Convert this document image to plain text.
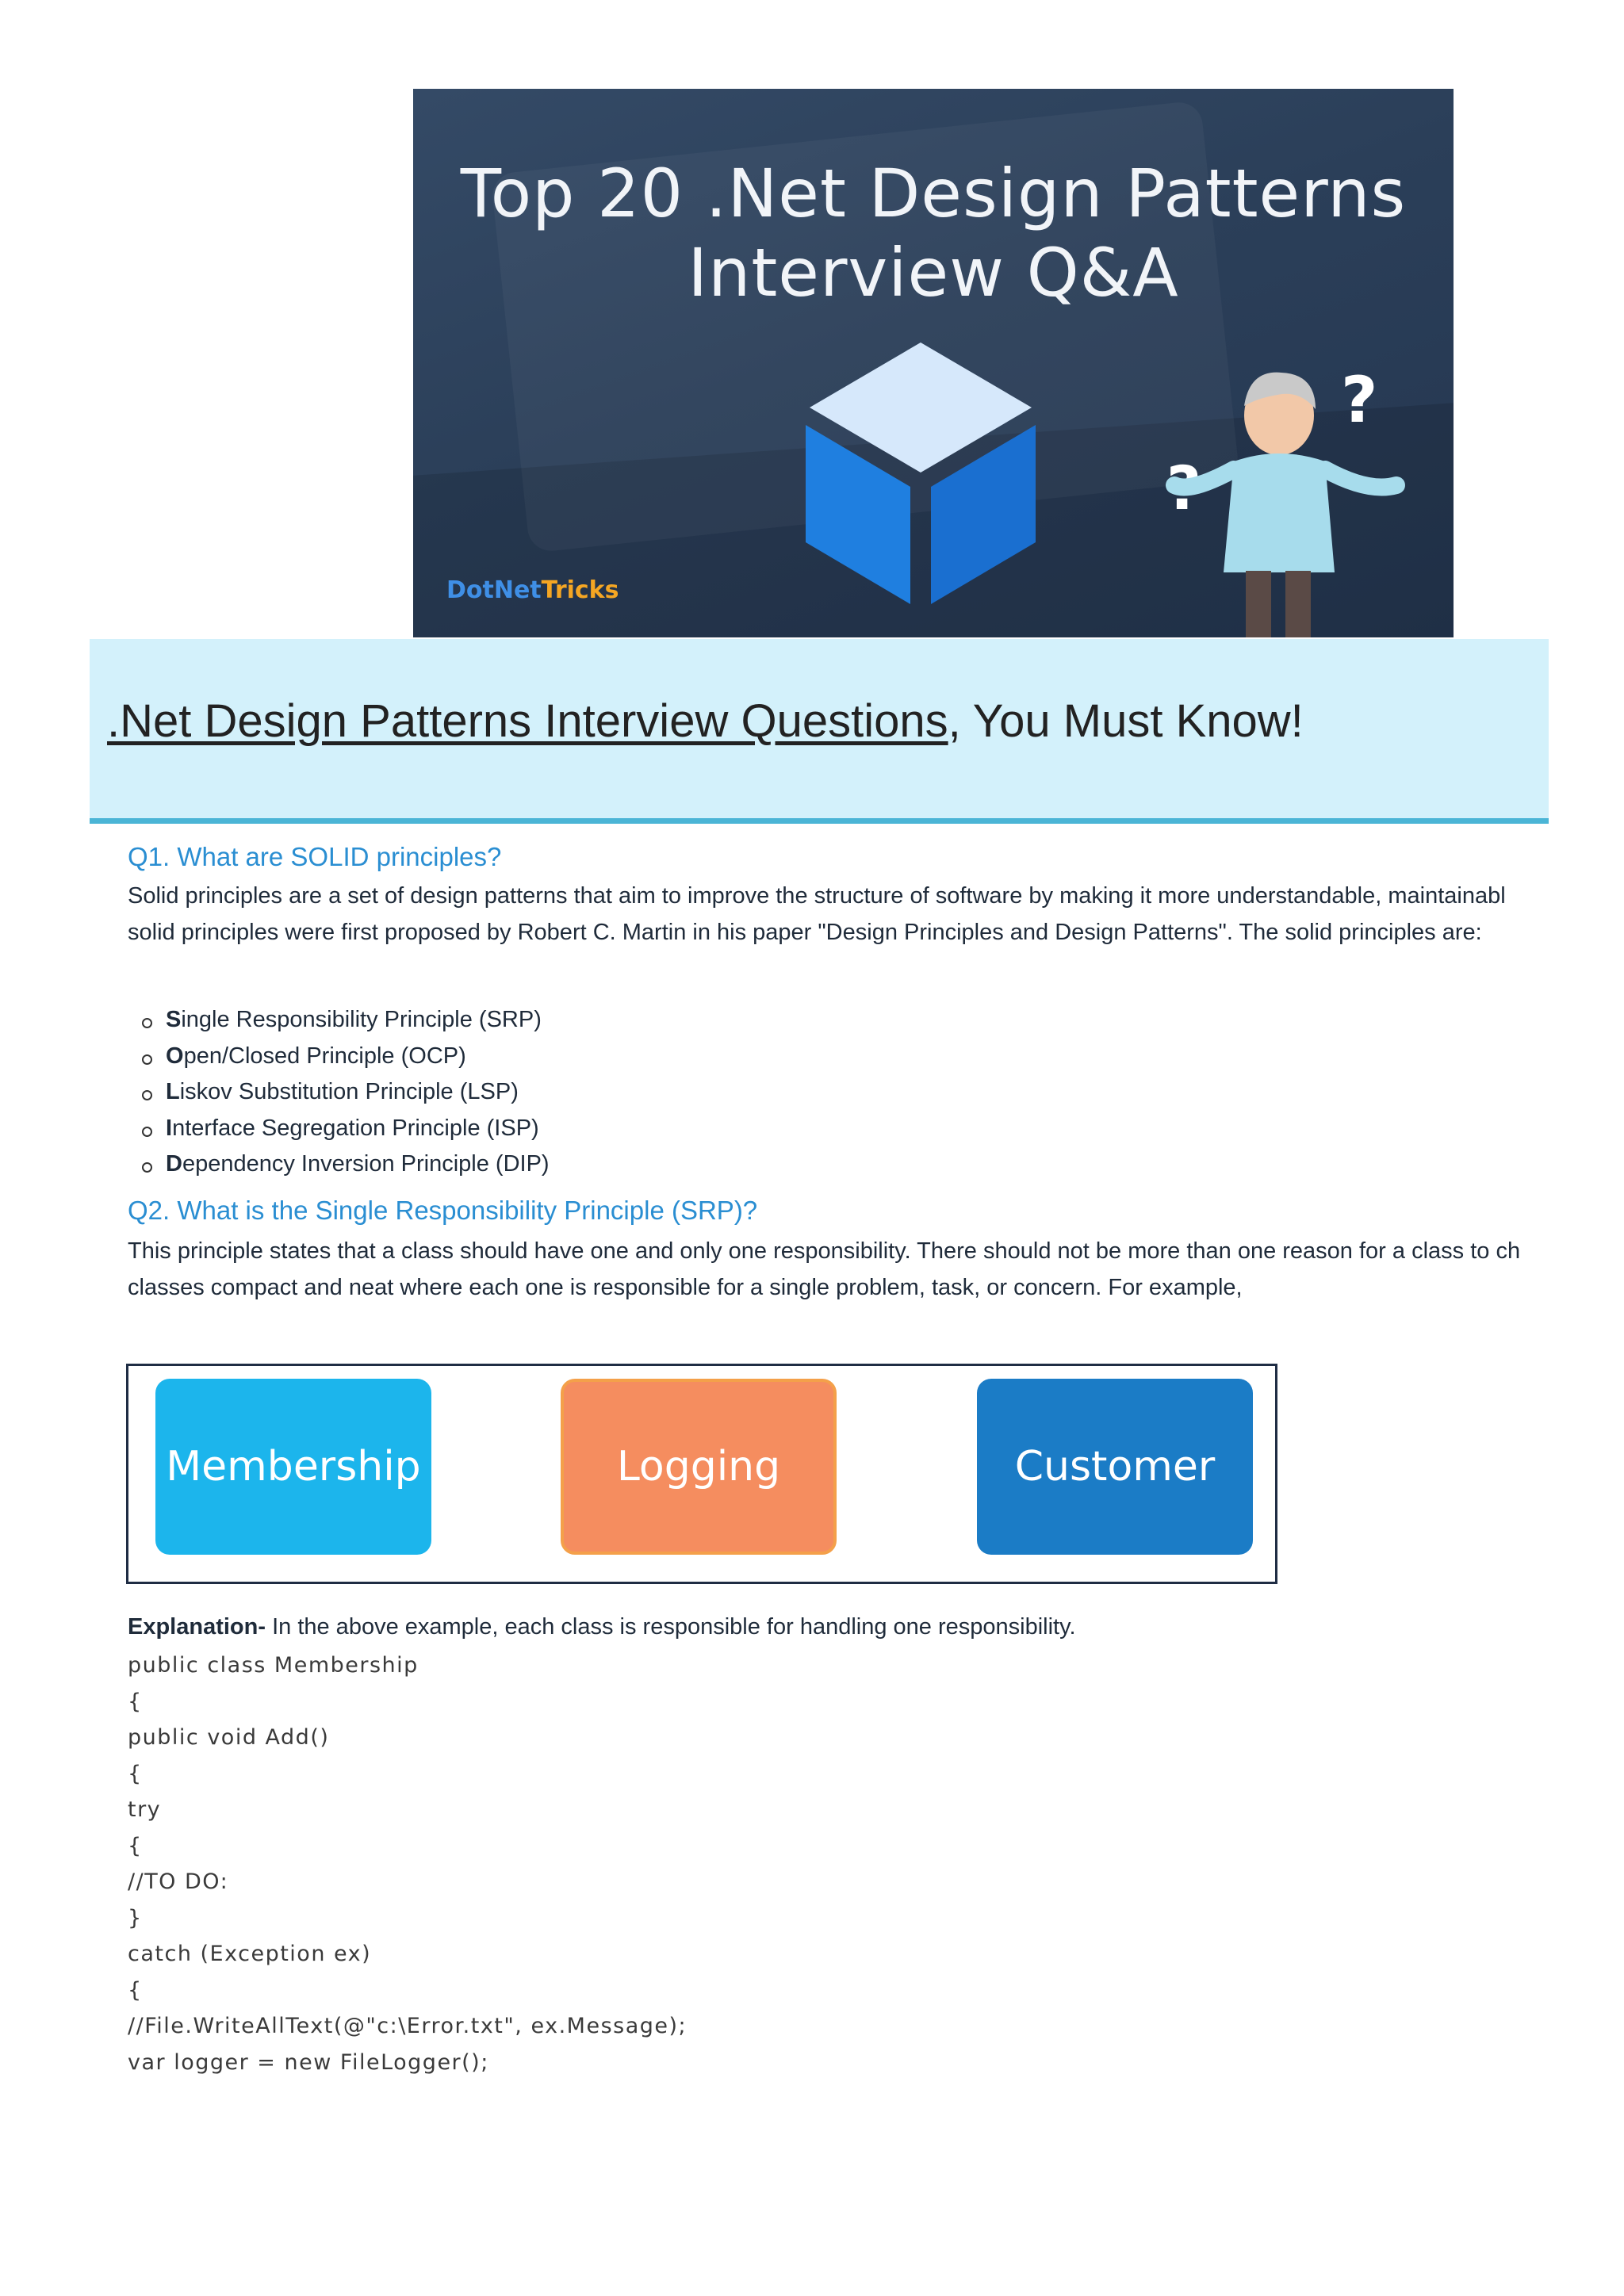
Top 20 .Net Design Patterns
Interview Q&A
?
?
DotNetTricks
.Net Design Patterns Interview Questions, You Must Know!
Q1. What are SOLID principles?

Solid principles are a set of design patterns that aim to improve the structure of software by making it more understandable, maintainabl

solid principles were first proposed by Robert C. Martin in his paper "Design Principles and Design Patterns". The solid principles are:

Single Responsibility Principle (SRP)
Open/Closed Principle (OCP)
Liskov Substitution Principle (LSP)
Interface Segregation Principle (ISP)
Dependency Inversion Principle (DIP)
Q2. What is the Single Responsibility Principle (SRP)?

This principle states that a class should have one and only one responsibility. There should not be more than one reason for a class to ch

classes compact and neat where each one is responsible for a single problem, task, or concern. For example,

Membership	Logging	Customer
Explanation- In the above example, each class is responsible for handling one responsibility.
public class Membership
{
public void Add()
{
try
{
//TO DO:
}
catch (Exception ex)
{
//File.WriteAllText(@"c:\Error.txt", ex.Message);
var logger = new FileLogger();
